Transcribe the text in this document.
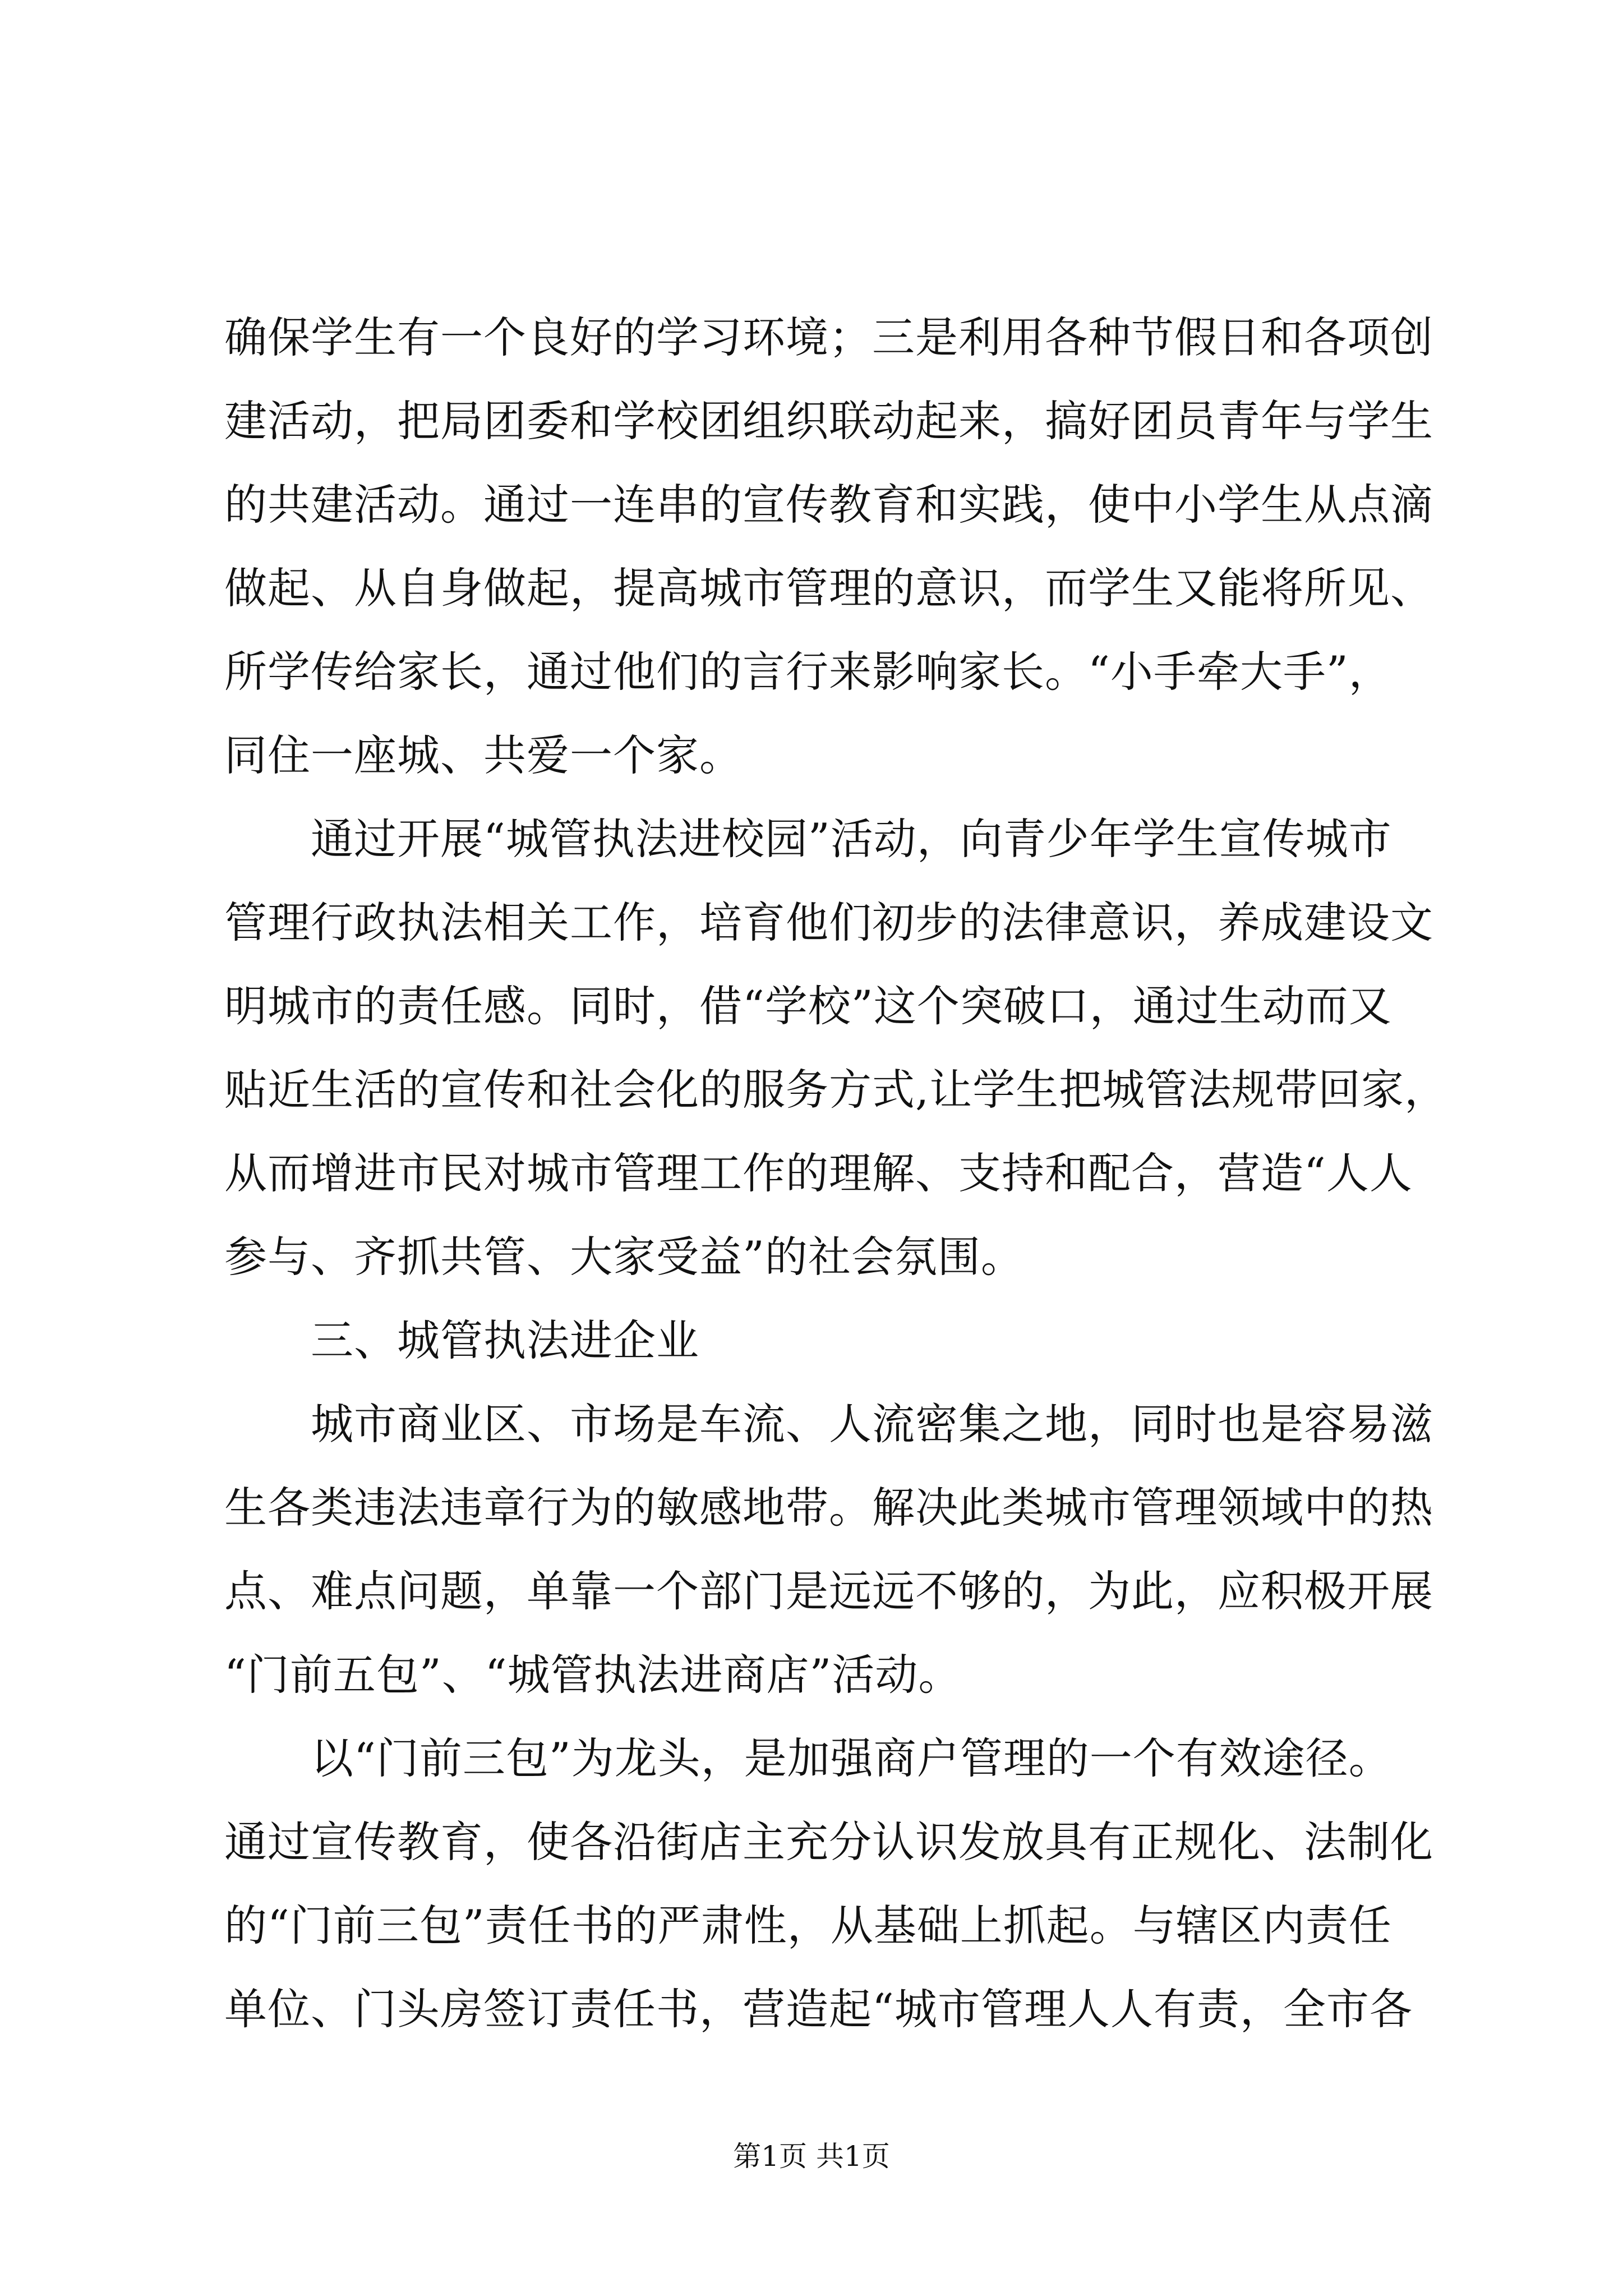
确保学生有一个良好的学习环境；三是利用各种节假日和各项创
建活动，把局团委和学校团组织联动起来，搞好团员青年与学生
的共建活动。通过一连串的宣传教育和实践，使中小学生从点滴
做起、从自身做起，提高城市管理的意识，而学生又能将所见、
所学传给家长，通过他们的言行来影响家长。“小手牵大手”，
同住一座城、共爱一个家。
通过开展“城管执法进校园”活动，向青少年学生宣传城市
管理行政执法相关工作，培育他们初步的法律意识，养成建设文
明城市的责任感。同时，借“学校”这个突破口，通过生动而又
贴近生活的宣传和社会化的服务方式,让学生把城管法规带回家，
从而增进市民对城市管理工作的理解、支持和配合，营造“人人
参与、齐抓共管、大家受益”的社会氛围。
三、城管执法进企业
城市商业区、市场是车流、人流密集之地，同时也是容易滋
生各类违法违章行为的敏感地带。解决此类城市管理领域中的热
点、难点问题，单靠一个部门是远远不够的，为此，应积极开展
“门前五包”、“城管执法进商店”活动。
以“门前三包”为龙头，是加强商户管理的一个有效途径。
通过宣传教育，使各沿街店主充分认识发放具有正规化、法制化
的“门前三包”责任书的严肃性，从基础上抓起。与辖区内责任
单位、门头房签订责任书，营造起“城市管理人人有责，全市各
第1页 共1页
